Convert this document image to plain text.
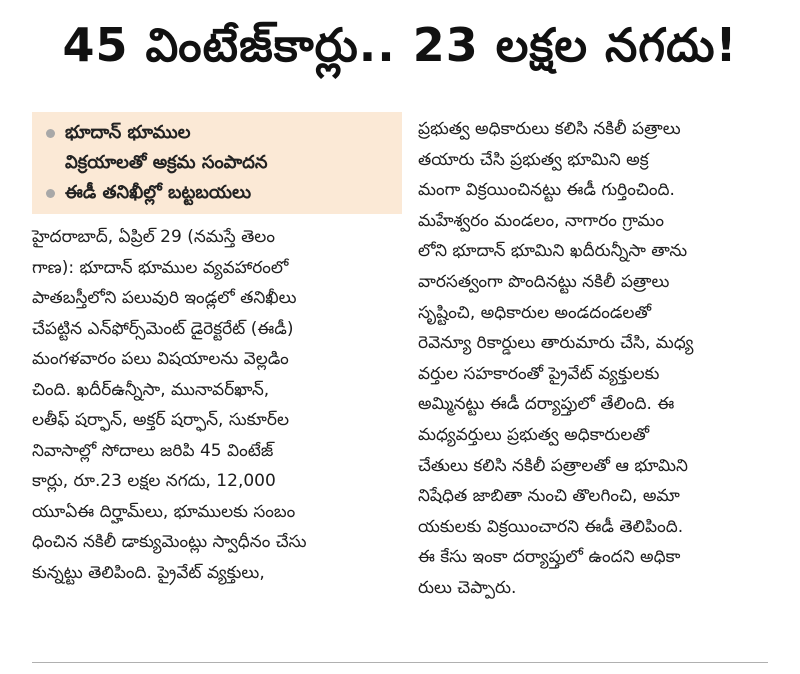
45 వింటేజ్‌కార్లు.. 23 లక్షల నగదు!
భూదాన్ భూముల
విక్రయాలతో అక్రమ సంపాదన
ఈడీ తనిఖీల్లో బట్టబయలు
హైదరాబాద్, ఏప్రిల్ 29 (నమస్తే తెలం
గాణ): భూదాన్ భూముల వ్యవహారంలో
పాతబస్తీలోని పలువురి ఇండ్లలో తనిఖీలు
చేపట్టిన ఎన్‌ఫోర్స్‌మెంట్ డైరెక్టరేట్ (ఈడీ)
మంగళవారం పలు విషయాలను వెల్లడిం
చింది. ఖదీర్‌ఉన్నీసా, మునావర్‌ఖాన్,
లతీఫ్ షర్ఫాన్, అక్తర్ షర్ఫాన్, సుకూర్‌ల
నివాసాల్లో సోదాలు జరిపి 45 వింటేజ్
కార్లు, రూ.23 లక్షల నగదు, 12,000
యూఏఈ దిర్హామ్‌లు, భూములకు సంబం
ధించిన నకిలీ డాక్యుమెంట్లు స్వాధీనం చేసు
కున్నట్టు తెలిపింది. ప్రైవేట్ వ్యక్తులు,
ప్రభుత్వ అధికారులు కలిసి నకిలీ పత్రాలు
తయారు చేసి ప్రభుత్వ భూమిని అక్ర
మంగా విక్రయించినట్టు ఈడీ గుర్తించింది.
మహేశ్వరం మండలం, నాగారం గ్రామం
లోని భూదాన్ భూమిని ఖదీరున్నీసా తాను
వారసత్వంగా పొందినట్టు నకిలీ పత్రాలు
సృష్టించి, అధికారుల అండదండలతో
రెవెన్యూ రికార్డులు తారుమారు చేసి, మధ్య
వర్తుల సహకారంతో ప్రైవేట్ వ్యక్తులకు
అమ్మినట్టు ఈడీ దర్యాప్తులో తేలింది. ఈ
మధ్యవర్తులు ప్రభుత్వ అధికారులతో
చేతులు కలిసి నకిలీ పత్రాలతో ఆ భూమిని
నిషేధిత జాబితా నుంచి తొలగించి, అమా
యకులకు విక్రయించారని ఈడీ తెలిపింది.
ఈ కేసు ఇంకా దర్యాప్తులో ఉందని అధికా
రులు చెప్పారు.
